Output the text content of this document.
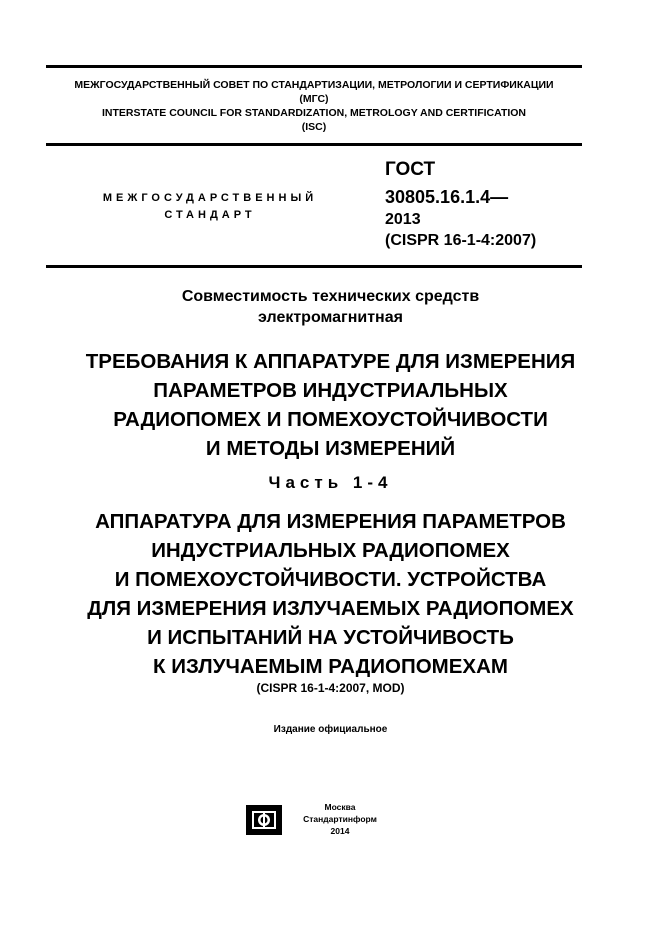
МЕЖГОСУДАРСТВЕННЫЙ СОВЕТ ПО СТАНДАРТИЗАЦИИ, МЕТРОЛОГИИ И СЕРТИФИКАЦИИ
(МГС)
INTERSTATE COUNCIL FOR STANDARDIZATION, METROLOGY AND CERTIFICATION
(ISC)
МЕЖГОСУДАРСТВЕННЫЙ
СТАНДАРТ
ГОСТ
30805.16.1.4—
2013
(CISPR 16-1-4:2007)
Совместимость технических средств
электромагнитная
ТРЕБОВАНИЯ К АППАРАТУРЕ ДЛЯ ИЗМЕРЕНИЯ
ПАРАМЕТРОВ ИНДУСТРИАЛЬНЫХ
РАДИОПОМЕХ И ПОМЕХОУСТОЙЧИВОСТИ
И МЕТОДЫ ИЗМЕРЕНИЙ
Часть 1-4
АППАРАТУРА ДЛЯ ИЗМЕРЕНИЯ ПАРАМЕТРОВ
ИНДУСТРИАЛЬНЫХ РАДИОПОМЕХ
И ПОМЕХОУСТОЙЧИВОСТИ. УСТРОЙСТВА
ДЛЯ ИЗМЕРЕНИЯ ИЗЛУЧАЕМЫХ РАДИОПОМЕХ
И ИСПЫТАНИЙ НА УСТОЙЧИВОСТЬ
К ИЗЛУЧАЕМЫМ РАДИОПОМЕХАМ
(CISPR 16-1-4:2007, MOD)
Издание официальное
Москва
Стандартинформ
2014
